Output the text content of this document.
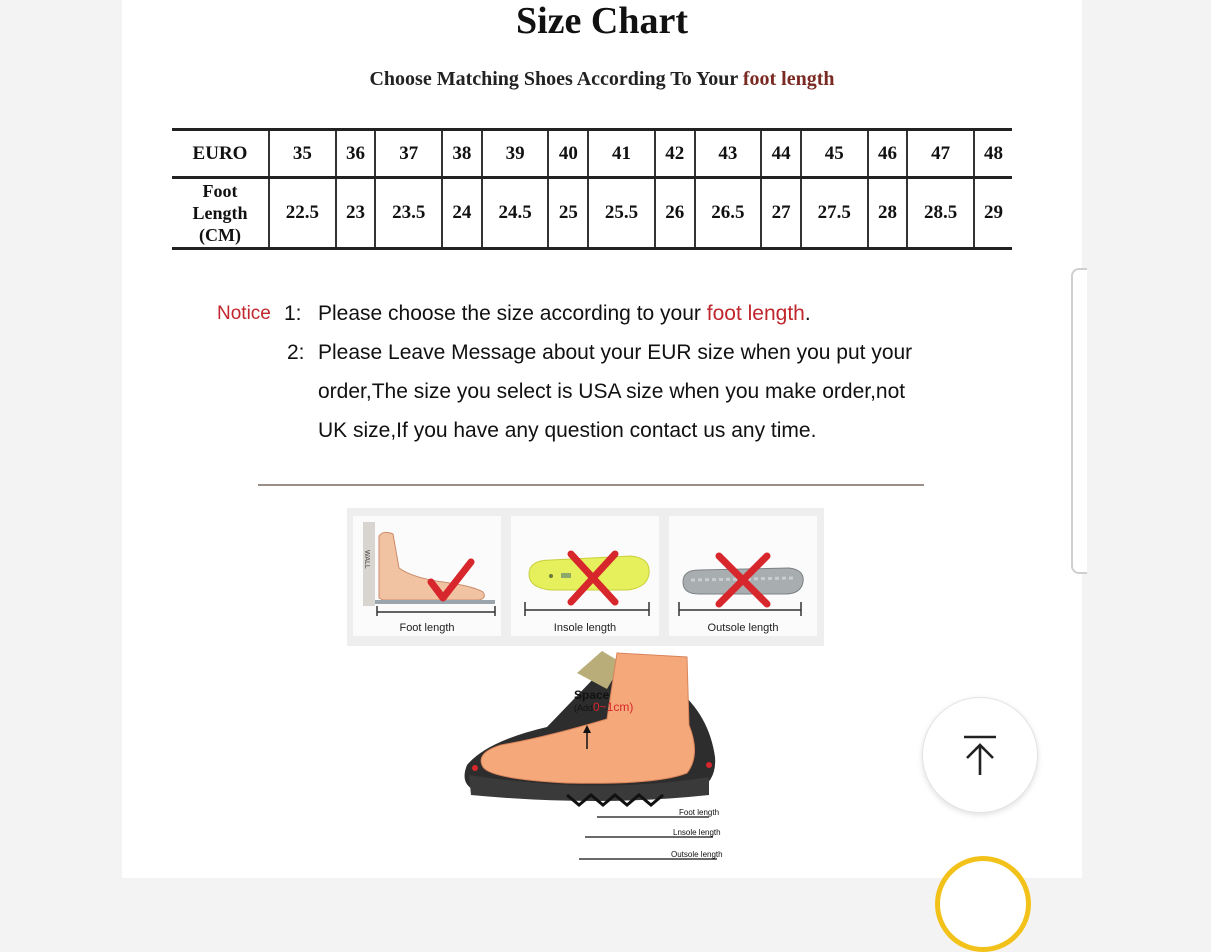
Size Chart
Choose Matching Shoes According To Your foot length
EURO	35	36	37	38	39	40	41	42	43	44	45	46	47	48

Foot
Length
(CM)	22.5	23	23.5	24	24.5	25	25.5	26	26.5	27	27.5	28	28.5	29
Notice 1: Please choose the size according to your foot length.
2: Please Leave Message about your EUR size when you put your
order,The size you select is USA size when you make order,not
UK size,If you have any question contact us any time.
WALL
Foot length	Insole length	Outsole length
Space
(Add0~1cm)
Foot length
Lnsole length
Outsole length
